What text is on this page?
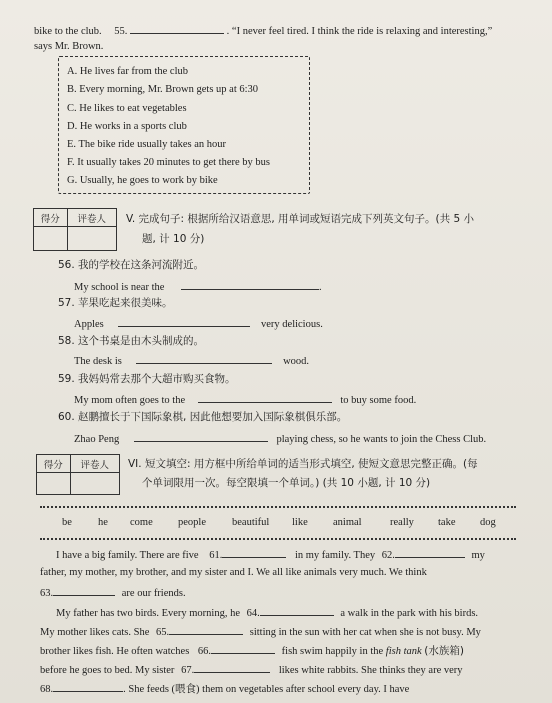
bike to the club. 55.	. “I never feel tired. I think the ride is relaxing and interesting,”
says Mr. Brown.
A. He lives far from the club
B. Every morning, Mr. Brown gets up at 6:30
C. He likes to eat vegetables
D. He works in a sports club
E. The bike ride usually takes an hour
F. It usually takes 20 minutes to get there by bus
G. Usually, he goes to work by bike
得分	评卷人
	V. 完成句子: 根据所给汉语意思, 用单词或短语完成下列英文句子。(共 5 小
题, 计 10 分)
56. 我的学校在这条河流附近。
My school is near the	.
57. 苹果吃起来很美味。
Apples	very delicious.
58. 这个书桌是由木头制成的。
The desk is	wood.
59. 我妈妈常去那个大超市购买食物。
My mom often goes to the	to buy some food.
60. 赵鹏擅长于下国际象棋, 因此他想要加入国际象棋俱乐部。
Zhao Peng	playing chess, so he wants to join the Chess Club.
得分	评卷人
	VI. 短文填空: 用方框中所给单词的适当形式填空, 使短文意思完整正确。(每
个单词限用一次。每空限填一个单词。) (共 10 小题, 计 10 分)
be he come people beautiful like animal	really take dog
I have a big family. There are five 61.	in my family. They 62.	my
father, my mother, my brother, and my sister and I. We all like animals very much. We think
63.	are our friends.
My father has two birds. Every morning, he 64.	a walk in the park with his birds.
My mother likes cats. She 65.	sitting in the sun with her cat when she is not busy. My
brother likes fish. He often watches 66.	fish swim happily in the fish tank (水族箱)
before he goes to bed. My sister 67.	likes white rabbits. She thinks they are very
68.	. She feeds (喂食) them on vegetables after school every day. I have
